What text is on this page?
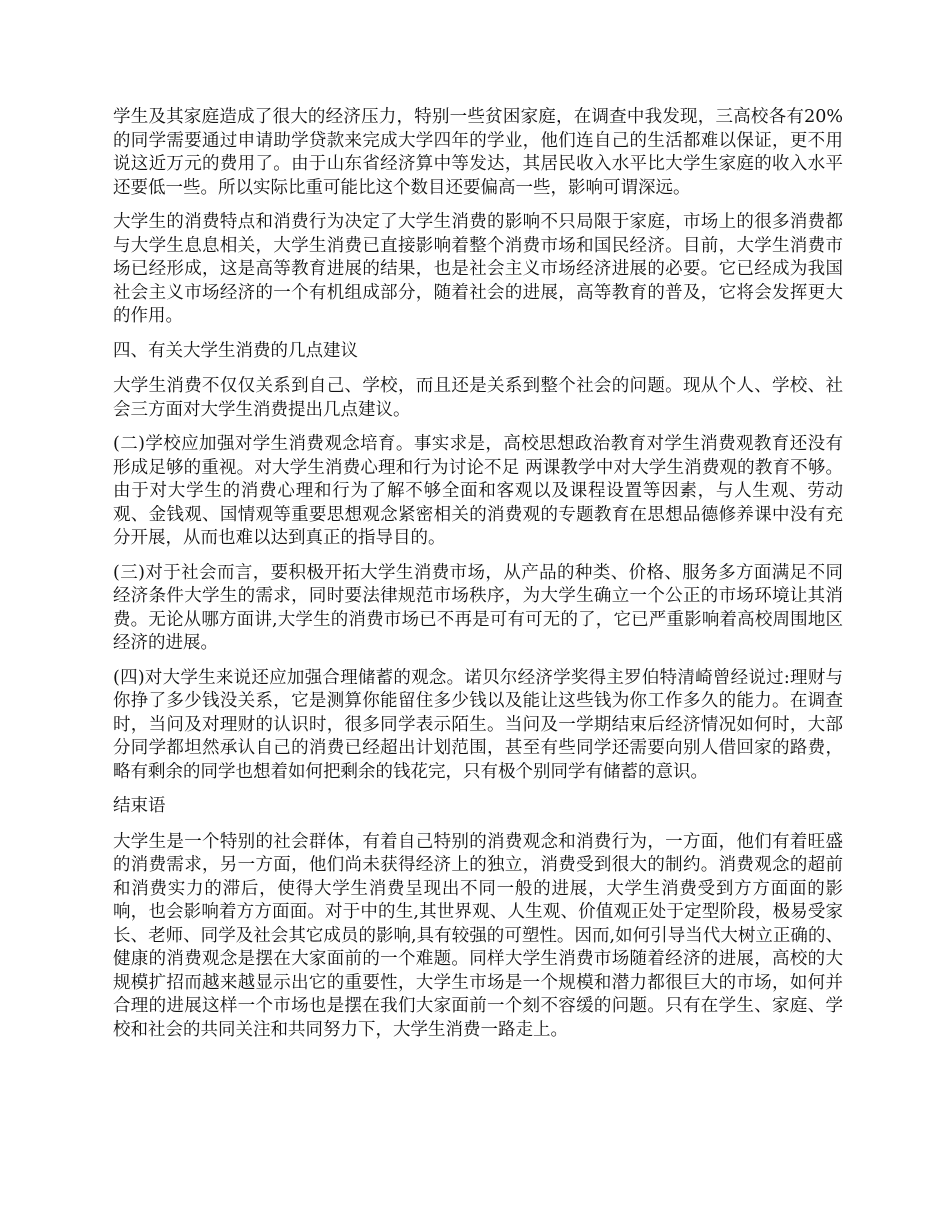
学生及其家庭造成了很大的经济压力，特别一些贫困家庭，在调查中我发现，三高校各有20%的同学需要通过申请助学贷款来完成大学四年的学业，他们连自己的生活都难以保证，更不用说这近万元的费用了。由于山东省经济算中等发达，其居民收入水平比大学生家庭的收入水平还要低一些。所以实际比重可能比这个数目还要偏高一些，影响可谓深远。

大学生的消费特点和消费行为决定了大学生消费的影响不只局限于家庭，市场上的很多消费都与大学生息息相关，大学生消费已直接影响着整个消费市场和国民经济。目前，大学生消费市场已经形成，这是高等教育进展的结果，也是社会主义市场经济进展的必要。它已经成为我国社会主义市场经济的一个有机组成部分，随着社会的进展，高等教育的普及，它将会发挥更大的作用。

四、有关大学生消费的几点建议

大学生消费不仅仅关系到自己、学校，而且还是关系到整个社会的问题。现从个人、学校、社会三方面对大学生消费提出几点建议。

(二)学校应加强对学生消费观念培育。事实求是，高校思想政治教育对学生消费观教育还没有形成足够的重视。对大学生消费心理和行为讨论不足 两课教学中对大学生消费观的教育不够。由于对大学生的消费心理和行为了解不够全面和客观以及课程设置等因素，与人生观、劳动观、金钱观、国情观等重要思想观念紧密相关的消费观的专题教育在思想品德修养课中没有充分开展，从而也难以达到真正的指导目的。

(三)对于社会而言，要积极开拓大学生消费市场，从产品的种类、价格、服务多方面满足不同经济条件大学生的需求，同时要法律规范市场秩序，为大学生确立一个公正的市场环境让其消费。无论从哪方面讲,大学生的消费市场已不再是可有可无的了，它已严重影响着高校周围地区经济的进展。

(四)对大学生来说还应加强合理储蓄的观念。诺贝尔经济学奖得主罗伯特清崎曾经说过:理财与你挣了多少钱没关系，它是测算你能留住多少钱以及能让这些钱为你工作多久的能力。在调查时，当问及对理财的认识时，很多同学表示陌生。当问及一学期结束后经济情况如何时，大部分同学都坦然承认自己的消费已经超出计划范围，甚至有些同学还需要向别人借回家的路费，略有剩余的同学也想着如何把剩余的钱花完，只有极个别同学有储蓄的意识。

结束语

大学生是一个特别的社会群体，有着自己特别的消费观念和消费行为，一方面，他们有着旺盛的消费需求，另一方面，他们尚未获得经济上的独立，消费受到很大的制约。消费观念的超前和消费实力的滞后，使得大学生消费呈现出不同一般的进展，大学生消费受到方方面面的影响，也会影响着方方面面。对于中的生,其世界观、人生观、价值观正处于定型阶段，极易受家长、老师、同学及社会其它成员的影响,具有较强的可塑性。因而,如何引导当代大树立正确的、健康的消费观念是摆在大家面前的一个难题。同样大学生消费市场随着经济的进展，高校的大规模扩招而越来越显示出它的重要性，大学生市场是一个规模和潜力都很巨大的市场，如何并合理的进展这样一个市场也是摆在我们大家面前一个刻不容缓的问题。只有在学生、家庭、学校和社会的共同关注和共同努力下，大学生消费一路走上。
